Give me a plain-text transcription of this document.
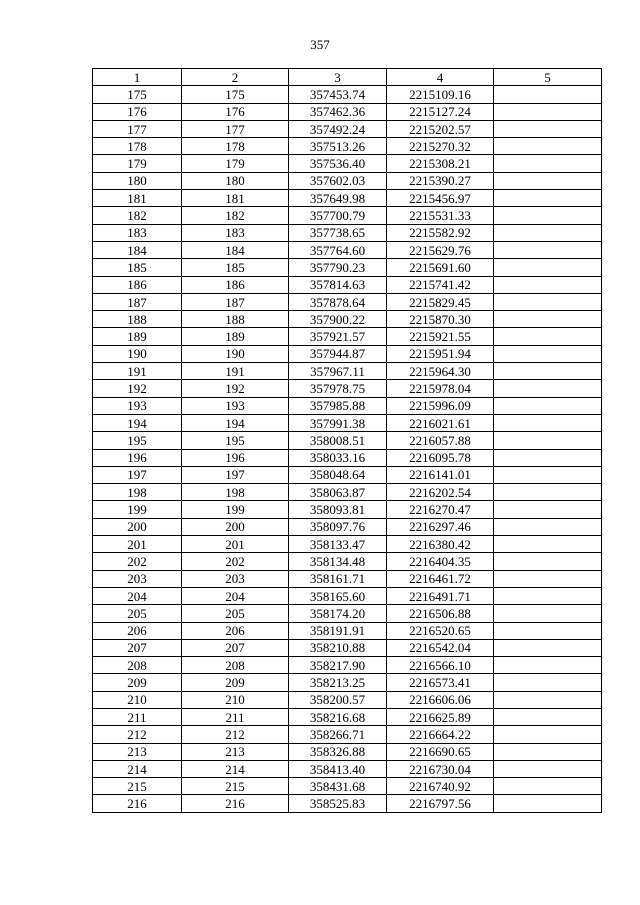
357
1	2	3	4	5
175	175	357453.74	2215109.16	
176	176	357462.36	2215127.24	
177	177	357492.24	2215202.57	
178	178	357513.26	2215270.32	
179	179	357536.40	2215308.21	
180	180	357602.03	2215390.27	
181	181	357649.98	2215456.97	
182	182	357700.79	2215531.33	
183	183	357738.65	2215582.92	
184	184	357764.60	2215629.76	
185	185	357790.23	2215691.60	
186	186	357814.63	2215741.42	
187	187	357878.64	2215829.45	
188	188	357900.22	2215870.30	
189	189	357921.57	2215921.55	
190	190	357944.87	2215951.94	
191	191	357967.11	2215964.30	
192	192	357978.75	2215978.04	
193	193	357985.88	2215996.09	
194	194	357991.38	2216021.61	
195	195	358008.51	2216057.88	
196	196	358033.16	2216095.78	
197	197	358048.64	2216141.01	
198	198	358063.87	2216202.54	
199	199	358093.81	2216270.47	
200	200	358097.76	2216297.46	
201	201	358133.47	2216380.42	
202	202	358134.48	2216404.35	
203	203	358161.71	2216461.72	
204	204	358165.60	2216491.71	
205	205	358174.20	2216506.88	
206	206	358191.91	2216520.65	
207	207	358210.88	2216542.04	
208	208	358217.90	2216566.10	
209	209	358213.25	2216573.41	
210	210	358200.57	2216606.06	
211	211	358216.68	2216625.89	
212	212	358266.71	2216664.22	
213	213	358326.88	2216690.65	
214	214	358413.40	2216730.04	
215	215	358431.68	2216740.92	
216	216	358525.83	2216797.56	
